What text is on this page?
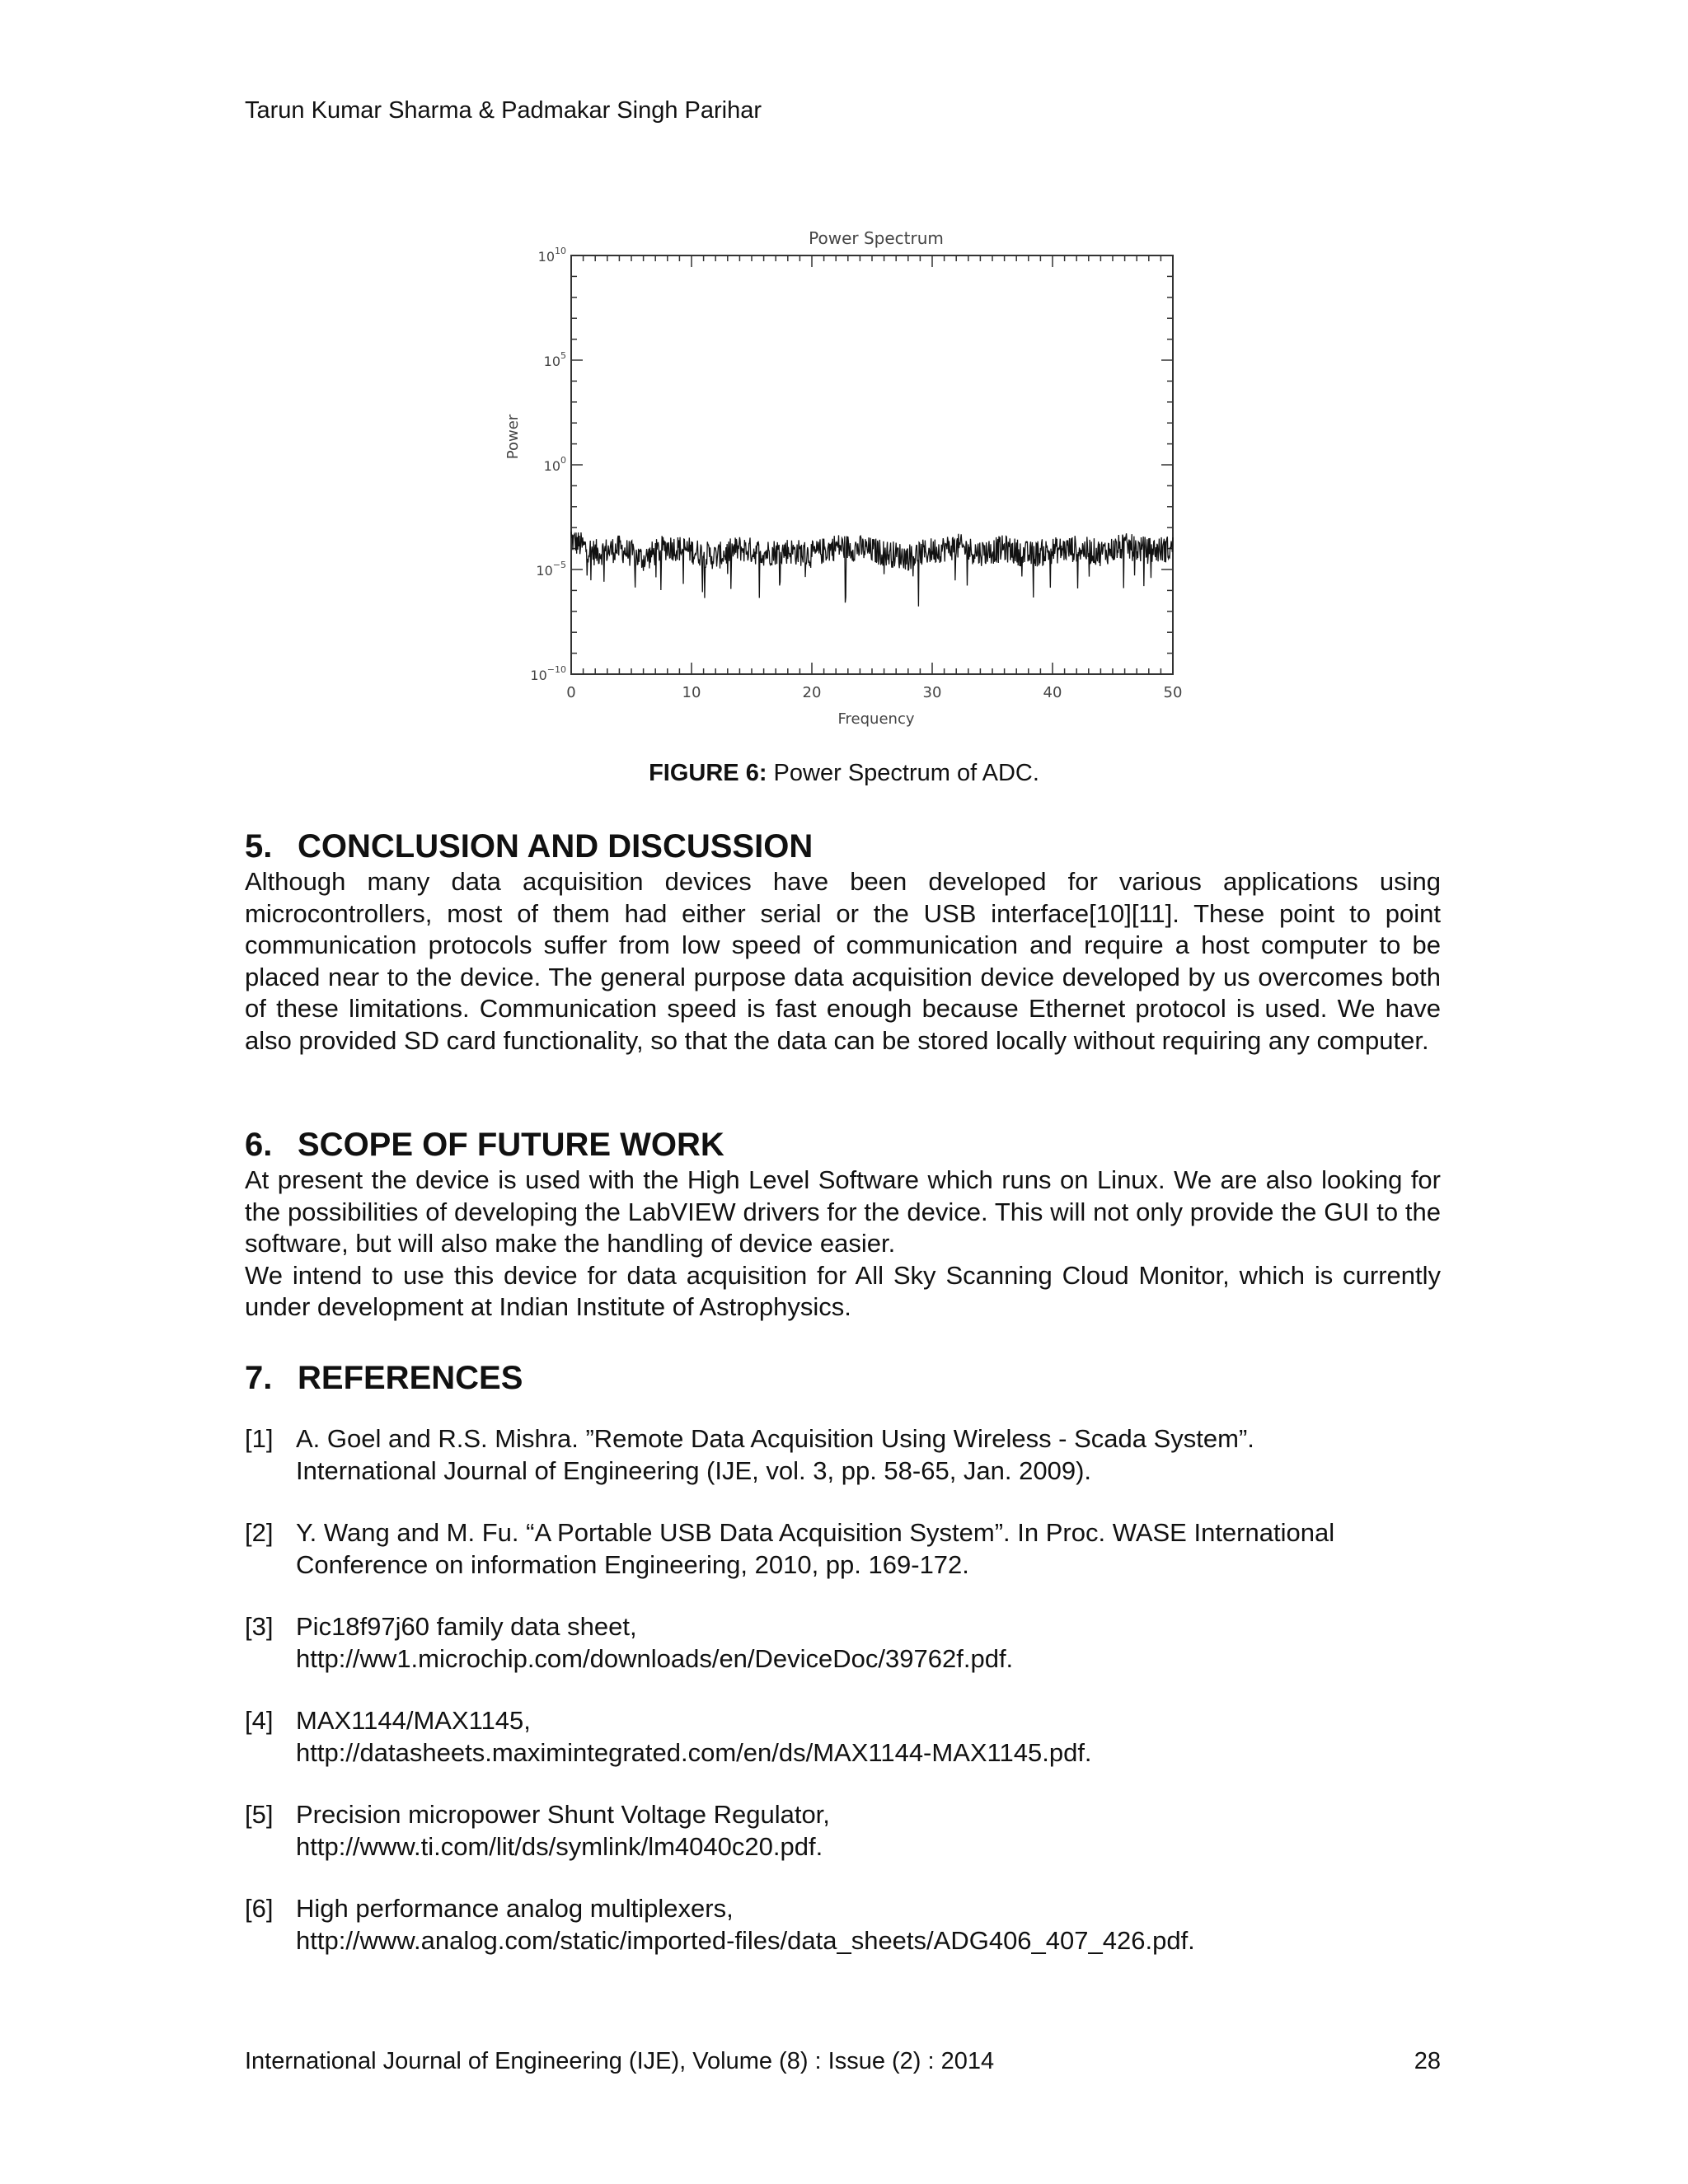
Tarun Kumar Sharma & Padmakar Singh Parihar
Power Spectrum
0	10	20	30	40	50
$10^{10}$
$10^5$
$10^0$
$10^{-5}$
$10^{-10}$
Frequency
Power
FIGURE 6: Power Spectrum of ADC.
5. CONCLUSION AND DISCUSSION

Although many data acquisition devices have been developed for various applications using microcontrollers, most of them had either serial or the USB interface[10][11]. These point to point communication protocols suffer from low speed of communication and require a host computer to be placed near to the device. The general purpose data acquisition device developed by us overcomes both of these limitations. Communication speed is fast enough because Ethernet protocol is used. We have also provided SD card functionality, so that the data can be stored locally without requiring any computer.

6. SCOPE OF FUTURE WORK

At present the device is used with the High Level Software which runs on Linux. We are also looking for the possibilities of developing the LabVIEW drivers for the device. This will not only provide the GUI to the software, but will also make the handling of device easier.

We intend to use this device for data acquisition for All Sky Scanning Cloud Monitor, which is currently under development at Indian Institute of Astrophysics.

7. REFERENCES
[1] A. Goel and R.S. Mishra. ”Remote Data Acquisition Using Wireless - Scada System”.
International Journal of Engineering (IJE, vol. 3, pp. 58-65, Jan. 2009).
[2] Y. Wang and M. Fu. “A Portable USB Data Acquisition System”. In Proc. WASE International
Conference on information Engineering, 2010, pp. 169-172.
[3] Pic18f97j60 family data sheet,
http://ww1.microchip.com/downloads/en/DeviceDoc/39762f.pdf.
[4] MAX1144/MAX1145,
http://datasheets.maximintegrated.com/en/ds/MAX1144-MAX1145.pdf.
[5] Precision micropower Shunt Voltage Regulator,
http://www.ti.com/lit/ds/symlink/lm4040c20.pdf.
[6] High performance analog multiplexers,
http://www.analog.com/static/imported-files/data_sheets/ADG406_407_426.pdf.
International Journal of Engineering (IJE), Volume (8) : Issue (2) : 2014	28
